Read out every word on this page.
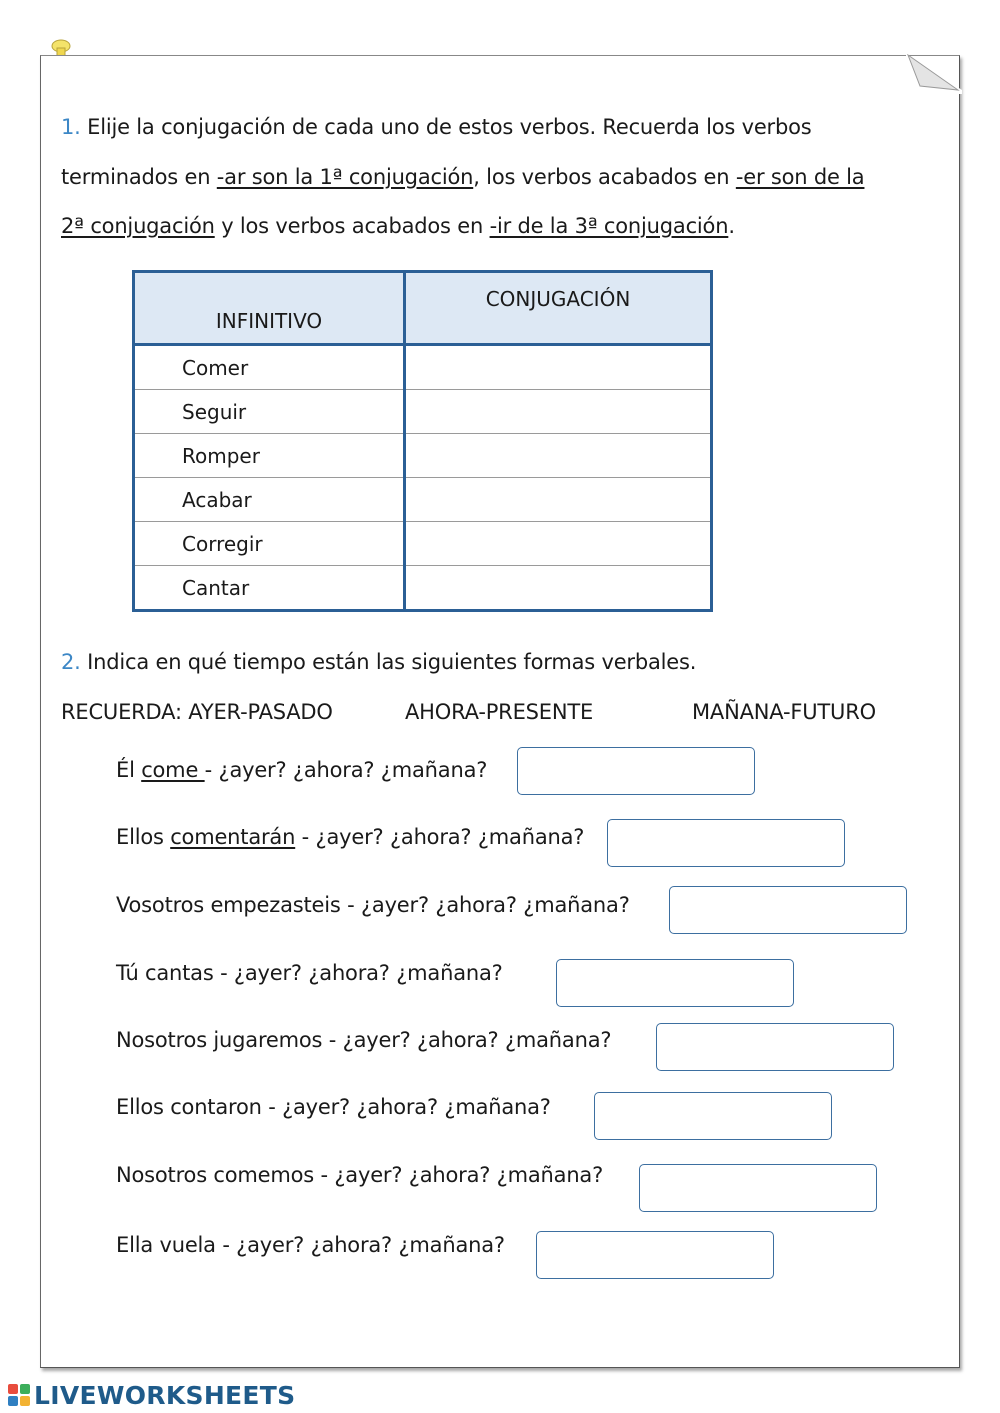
1. Elije la conjugación de cada uno de estos verbos. Recuerda los verbos
terminados en -ar son la 1ª conjugación, los verbos acabados en -er son de la
2ª conjugación y los verbos acabados en -ir de la 3ª conjugación.
INFINITIVO	CONJUGACIÓN
Comer	
Seguir	
Romper	
Acabar	
Corregir	
Cantar	
2. Indica en qué tiempo están las siguientes formas verbales.
RECUERDA: AYER-PASADO	AHORA-PRESENTE	MAÑANA-FUTURO
Él come - ¿ayer? ¿ahora? ¿mañana?
Ellos comentarán - ¿ayer? ¿ahora? ¿mañana?
Vosotros empezasteis - ¿ayer? ¿ahora? ¿mañana?
Tú cantas - ¿ayer? ¿ahora? ¿mañana?
Nosotros jugaremos - ¿ayer? ¿ahora? ¿mañana?
Ellos contaron - ¿ayer? ¿ahora? ¿mañana?
Nosotros comemos - ¿ayer? ¿ahora? ¿mañana?
Ella vuela - ¿ayer? ¿ahora? ¿mañana?
LIVEWORKSHEETS
